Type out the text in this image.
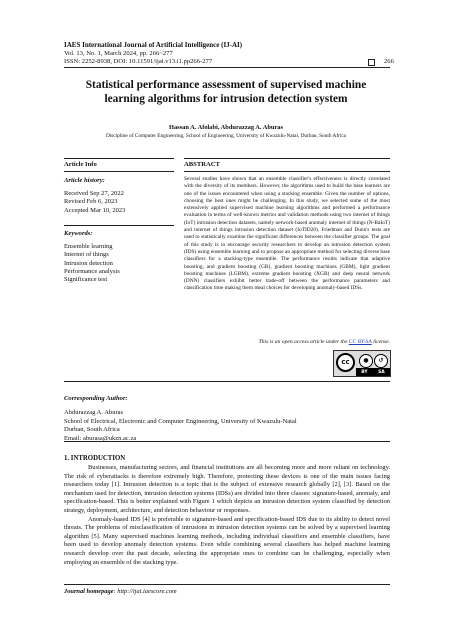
IAES International Journal of Artificial Intelligence (IJ-AI)
Vol. 13, No. 1, March 2024, pp. 266~277
ISSN: 2252-8938, DOI: 10.11591/ijai.v13.i1.pp266-277	266
Statistical performance assessment of supervised machine
learning algorithms for intrusion detection system
Hassan A. Afolabi, Abdurazzag A. Aburas
Discipline of Computer Engineering, School of Engineering, University of Kwazulu-Natal, Durban, South Africa
Article Info	ABSTRACT
Article history:
Received Sep 27, 2022
Revised Feb 6, 2023
Accepted Mar 10, 2023
Keywords:
Ensemble learning
Internet of things
Intrusion detection
Performance analysis
Significance test
Several studies have shown that an ensemble classifier's effectiveness is directly correlated with the diversity of its members. However, the algorithms used to build the base learners are one of the issues encountered when using a stacking ensemble. Given the number of options, choosing the best ones might be challenging. In this study, we selected some of the most extensively applied supervised machine learning algorithms and performed a performance evaluation in terms of well-known metrics and validation methods using two internet of things (IoT) intrusion detection datasets, namely network-based anomaly internet of things (N-BaIoT) and internet of things intrusion detection dataset (IoTID20). Friedman and Dunn's tests are used to statistically examine the significant differences between the classifier groups. The goal of this study is to encourage security researchers to develop an intrusion detection system (IDS) using ensemble learning and to propose an appropriate method for selecting diverse base classifiers for a stacking-type ensemble. The performance results indicate that adaptive boosting, and gradient boosting (GB), gradient boosting machines (GBM), light gradient boosting machines (LGBM), extreme gradient boosting (XGB) and deep neural network (DNN) classifiers exhibit better trade-off between the performance parameters and classification time making them ideal choices for developing anomaly-based IDSs.
This is an open access article under the CC BY-SA license.
cc	●	↺
BY SA
Corresponding Author:
Abdurazzag A. Aburas
School of Electrical, Electronic and Computer Engineering, University of Kwazulu-Natal
Durban, South Africa
Email: aburasa@ukzn.ac.za
1. INTRODUCTION

Businesses, manufacturing sectors, and financial institutions are all becoming more and more reliant on technology. The risk of cyberattacks is therefore extremely high. Therefore, protecting these devices is one of the main issues facing researchers today [1]. Intrusion detection is a topic that is the subject of extensive research globally [2], [3]. Based on the mechanism used for detection, intrusion detection systems (IDSs) are divided into three classes: signature-based, anomaly, and specification-based. This is better explained with Figure 1 which depicts an intrusion detection system classified by detection strategy, deployment, architecture, and detection behaviour or responses.

Anomaly-based IDS [4] is preferable to signature-based and specification-based IDS due to its ability to detect novel threats. The problems of misclassification of intrusions in intrusion detection systems can be solved by a supervised learning algorithm [5]. Many supervised machines learning methods, including individual classifiers and ensemble classifiers, have been used to develop anomaly detection systems. Even while combining several classifiers has helped machine learning research develop over the past decade, selecting the appropriate ones to combine can be challenging, especially when employing an ensemble of the stacking type.

Journal homepage: http://ijai.iaescore.com
